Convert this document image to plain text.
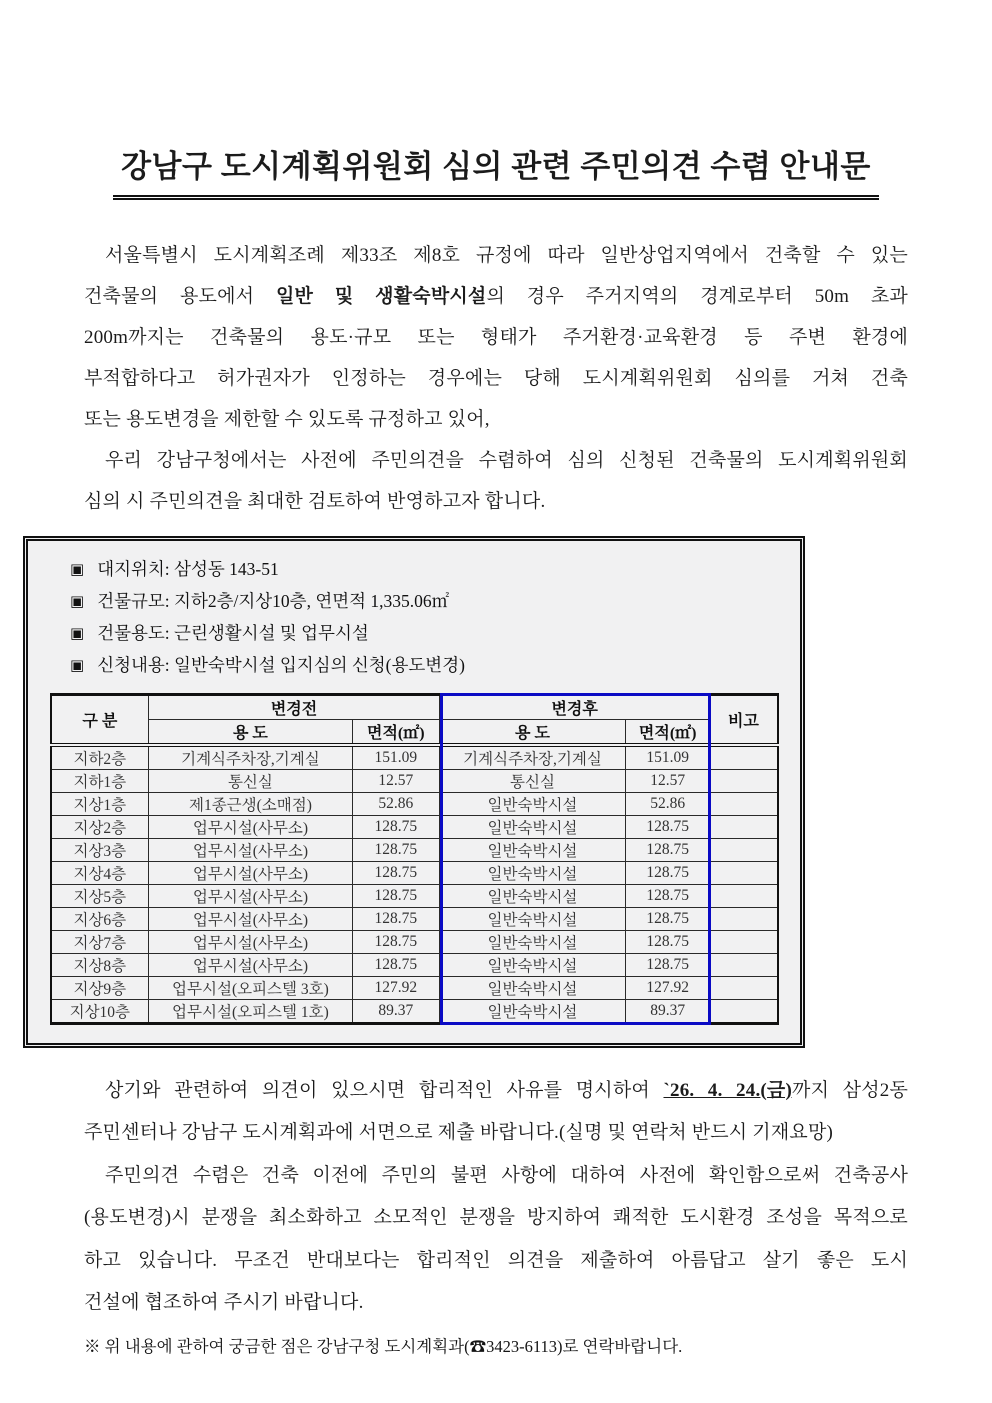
강남구 도시계획위원회 심의 관련 주민의견 수렴 안내문
서울특별시 도시계획조례 제33조 제8호 규정에 따라 일반상업지역에서 건축할 수 있는
건축물의 용도에서 일반 및 생활숙박시설의 경우 주거지역의 경계로부터 50m 초과
200m까지는 건축물의 용도·규모 또는 형태가 주거환경·교육환경 등 주변 환경에
부적합하다고 허가권자가 인정하는 경우에는 당해 도시계획위원회 심의를 거쳐 건축
또는 용도변경을 제한할 수 있도록 규정하고 있어,
우리 강남구청에서는 사전에 주민의견을 수렴하여 심의 신청된 건축물의 도시계획위원회
심의 시 주민의견을 최대한 검토하여 반영하고자 합니다.
▣ 대지위치: 삼성동 143-51
▣ 건물규모: 지하2층/지상10층, 연면적 1,335.06㎡
▣ 건물용도: 근린생활시설 및 업무시설
▣ 신청내용: 일반숙박시설 입지심의 신청(용도변경)
구 분	변경전		변경후		비고
	용 도	면적(㎡)	용 도	면적(㎡)	
지하2층	기계식주차장,기계실	151.09	기계식주차장,기계실	151.09	
지하1층	통신실	12.57	통신실	12.57	
지상1층	제1종근생(소매점)	52.86	일반숙박시설	52.86	
지상2층	업무시설(사무소)	128.75	일반숙박시설	128.75	
지상3층	업무시설(사무소)	128.75	일반숙박시설	128.75	
지상4층	업무시설(사무소)	128.75	일반숙박시설	128.75	
지상5층	업무시설(사무소)	128.75	일반숙박시설	128.75	
지상6층	업무시설(사무소)	128.75	일반숙박시설	128.75	
지상7층	업무시설(사무소)	128.75	일반숙박시설	128.75	
지상8층	업무시설(사무소)	128.75	일반숙박시설	128.75	
지상9층	업무시설(오피스텔 3호)	127.92	일반숙박시설	127.92	
지상10층	업무시설(오피스텔 1호)	89.37	일반숙박시설	89.37	
상기와 관련하여 의견이 있으시면 합리적인 사유를 명시하여 `26. 4. 24.(금)까지 삼성2동
주민센터나 강남구 도시계획과에 서면으로 제출 바랍니다.(실명 및 연락처 반드시 기재요망)
주민의견 수렴은 건축 이전에 주민의 불편 사항에 대하여 사전에 확인함으로써 건축공사
(용도변경)시 분쟁을 최소화하고 소모적인 분쟁을 방지하여 쾌적한 도시환경 조성을 목적으로
하고 있습니다. 무조건 반대보다는 합리적인 의견을 제출하여 아름답고 살기 좋은 도시
건설에 협조하여 주시기 바랍니다.
※ 위 내용에 관하여 궁금한 점은 강남구청 도시계획과(☎3423-6113)로 연락바랍니다.
